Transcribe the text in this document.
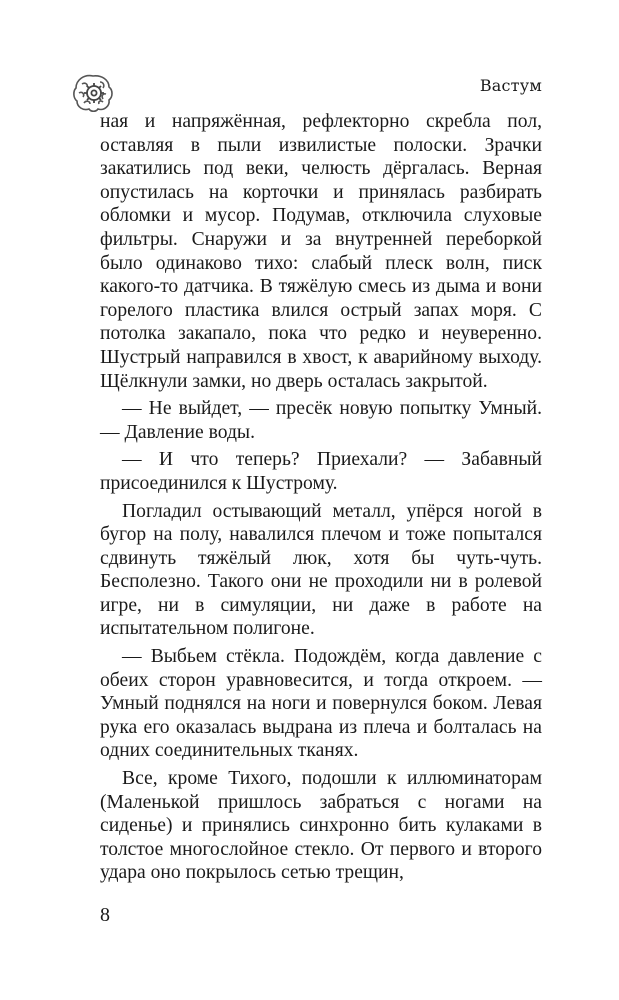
Вастум

ная и напряжённая, рефлекторно скребла пол, оставляя в пыли извилистые полоски. Зрачки закатились под веки, челюсть дёргалась. Верная опустилась на корточки и принялась разбирать обломки и мусор. Подумав, отключила слуховые фильтры. Снаружи и за внутренней переборкой было одинаково тихо: слабый плеск волн, писк какого-то датчика. В тяжёлую смесь из дыма и вони горелого пластика влился острый запах моря. С потолка закапало, пока что редко и неуверенно. Шустрый направился в хвост, к аварийному выходу. Щёлкнули замки, но дверь осталась закрытой.

— Не выйдет, — пресёк новую попытку Умный. — Давление воды.

— И что теперь? Приехали? — Забавный присоединился к Шустрому.

Погладил остывающий металл, упёрся ногой в бугор на полу, навалился плечом и тоже попытался сдвинуть тяжёлый люк, хотя бы чуть-чуть. Бесполезно. Такого они не проходили ни в ролевой игре, ни в симуляции, ни даже в работе на испытательном полигоне.

— Выбьем стёкла. Подождём, когда давление с обеих сторон уравновесится, и тогда откроем. — Умный поднялся на ноги и повернулся боком. Левая рука его оказалась выдрана из плеча и болталась на одних соединительных тканях.

Все, кроме Тихого, подошли к иллюминаторам (Маленькой пришлось забраться с ногами на сиденье) и принялись синхронно бить кулаками в толстое многослойное стекло. От первого и второго удара оно покрылось сетью трещин,

8
